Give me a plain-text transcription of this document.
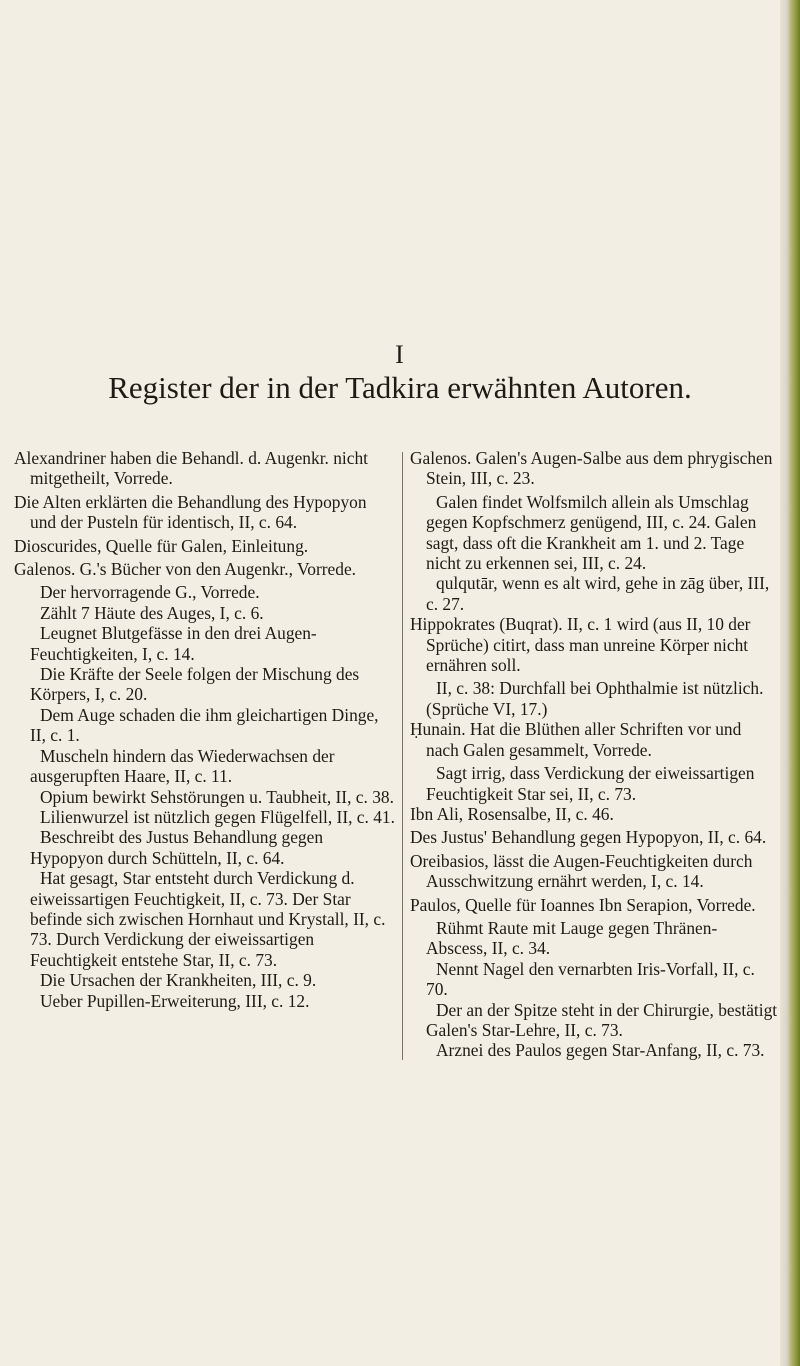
I
Register der in der Tadkira erwähnten Autoren.

Alexandriner haben die Behandl. d. Augenkr. nicht mitgetheilt, Vorrede.

Die Alten erklärten die Behandlung des Hypopyon und der Pusteln für identisch, II, c. 64.

Dioscurides, Quelle für Galen, Einleitung.

Galenos. G.'s Bücher von den Augenkr., Vorrede.

Der hervorragende G., Vorrede.

Zählt 7 Häute des Auges, I, c. 6.

Leugnet Blutgefässe in den drei Augen-Feuchtigkeiten, I, c. 14.

Die Kräfte der Seele folgen der Mischung des Körpers, I, c. 20.

Dem Auge schaden die ihm gleichartigen Dinge, II, c. 1.

Muscheln hindern das Wiederwachsen der ausgerupften Haare, II, c. 11.

Opium bewirkt Sehstörungen u. Taubheit, II, c. 38.

Lilienwurzel ist nützlich gegen Flügelfell, II, c. 41.

Beschreibt des Justus Behandlung gegen Hypopyon durch Schütteln, II, c. 64.

Hat gesagt, Star entsteht durch Verdickung d. eiweissartigen Feuchtigkeit, II, c. 73. Der Star befinde sich zwischen Hornhaut und Krystall, II, c. 73. Durch Verdickung der eiweissartigen Feuchtigkeit entstehe Star, II, c. 73.

Die Ursachen der Krankheiten, III, c. 9.

Ueber Pupillen-Erweiterung, III, c. 12.

Galenos. Galen's Augen-Salbe aus dem phrygischen Stein, III, c. 23.

Galen findet Wolfsmilch allein als Umschlag gegen Kopfschmerz genügend, III, c. 24. Galen sagt, dass oft die Krankheit am 1. und 2. Tage nicht zu erkennen sei, III, c. 24.

qulqutār, wenn es alt wird, gehe in zāg über, III, c. 27.

Hippokrates (Buqrat). II, c. 1 wird (aus II, 10 der Sprüche) citirt, dass man unreine Körper nicht ernähren soll.

II, c. 38: Durchfall bei Ophthalmie ist nützlich. (Sprüche VI, 17.)

Ḥunain. Hat die Blüthen aller Schriften vor und nach Galen gesammelt, Vorrede.

Sagt irrig, dass Verdickung der eiweissartigen Feuchtigkeit Star sei, II, c. 73.

Ibn Ali, Rosensalbe, II, c. 46.

Des Justus' Behandlung gegen Hypopyon, II, c. 64.

Oreibasios, lässt die Augen-Feuchtigkeiten durch Ausschwitzung ernährt werden, I, c. 14.

Paulos, Quelle für Ioannes Ibn Serapion, Vorrede.

Rühmt Raute mit Lauge gegen Thränen-Abscess, II, c. 34.

Nennt Nagel den vernarbten Iris-Vorfall, II, c. 70.

Der an der Spitze steht in der Chirurgie, bestätigt Galen's Star-Lehre, II, c. 73.

Arznei des Paulos gegen Star-Anfang, II, c. 73.
